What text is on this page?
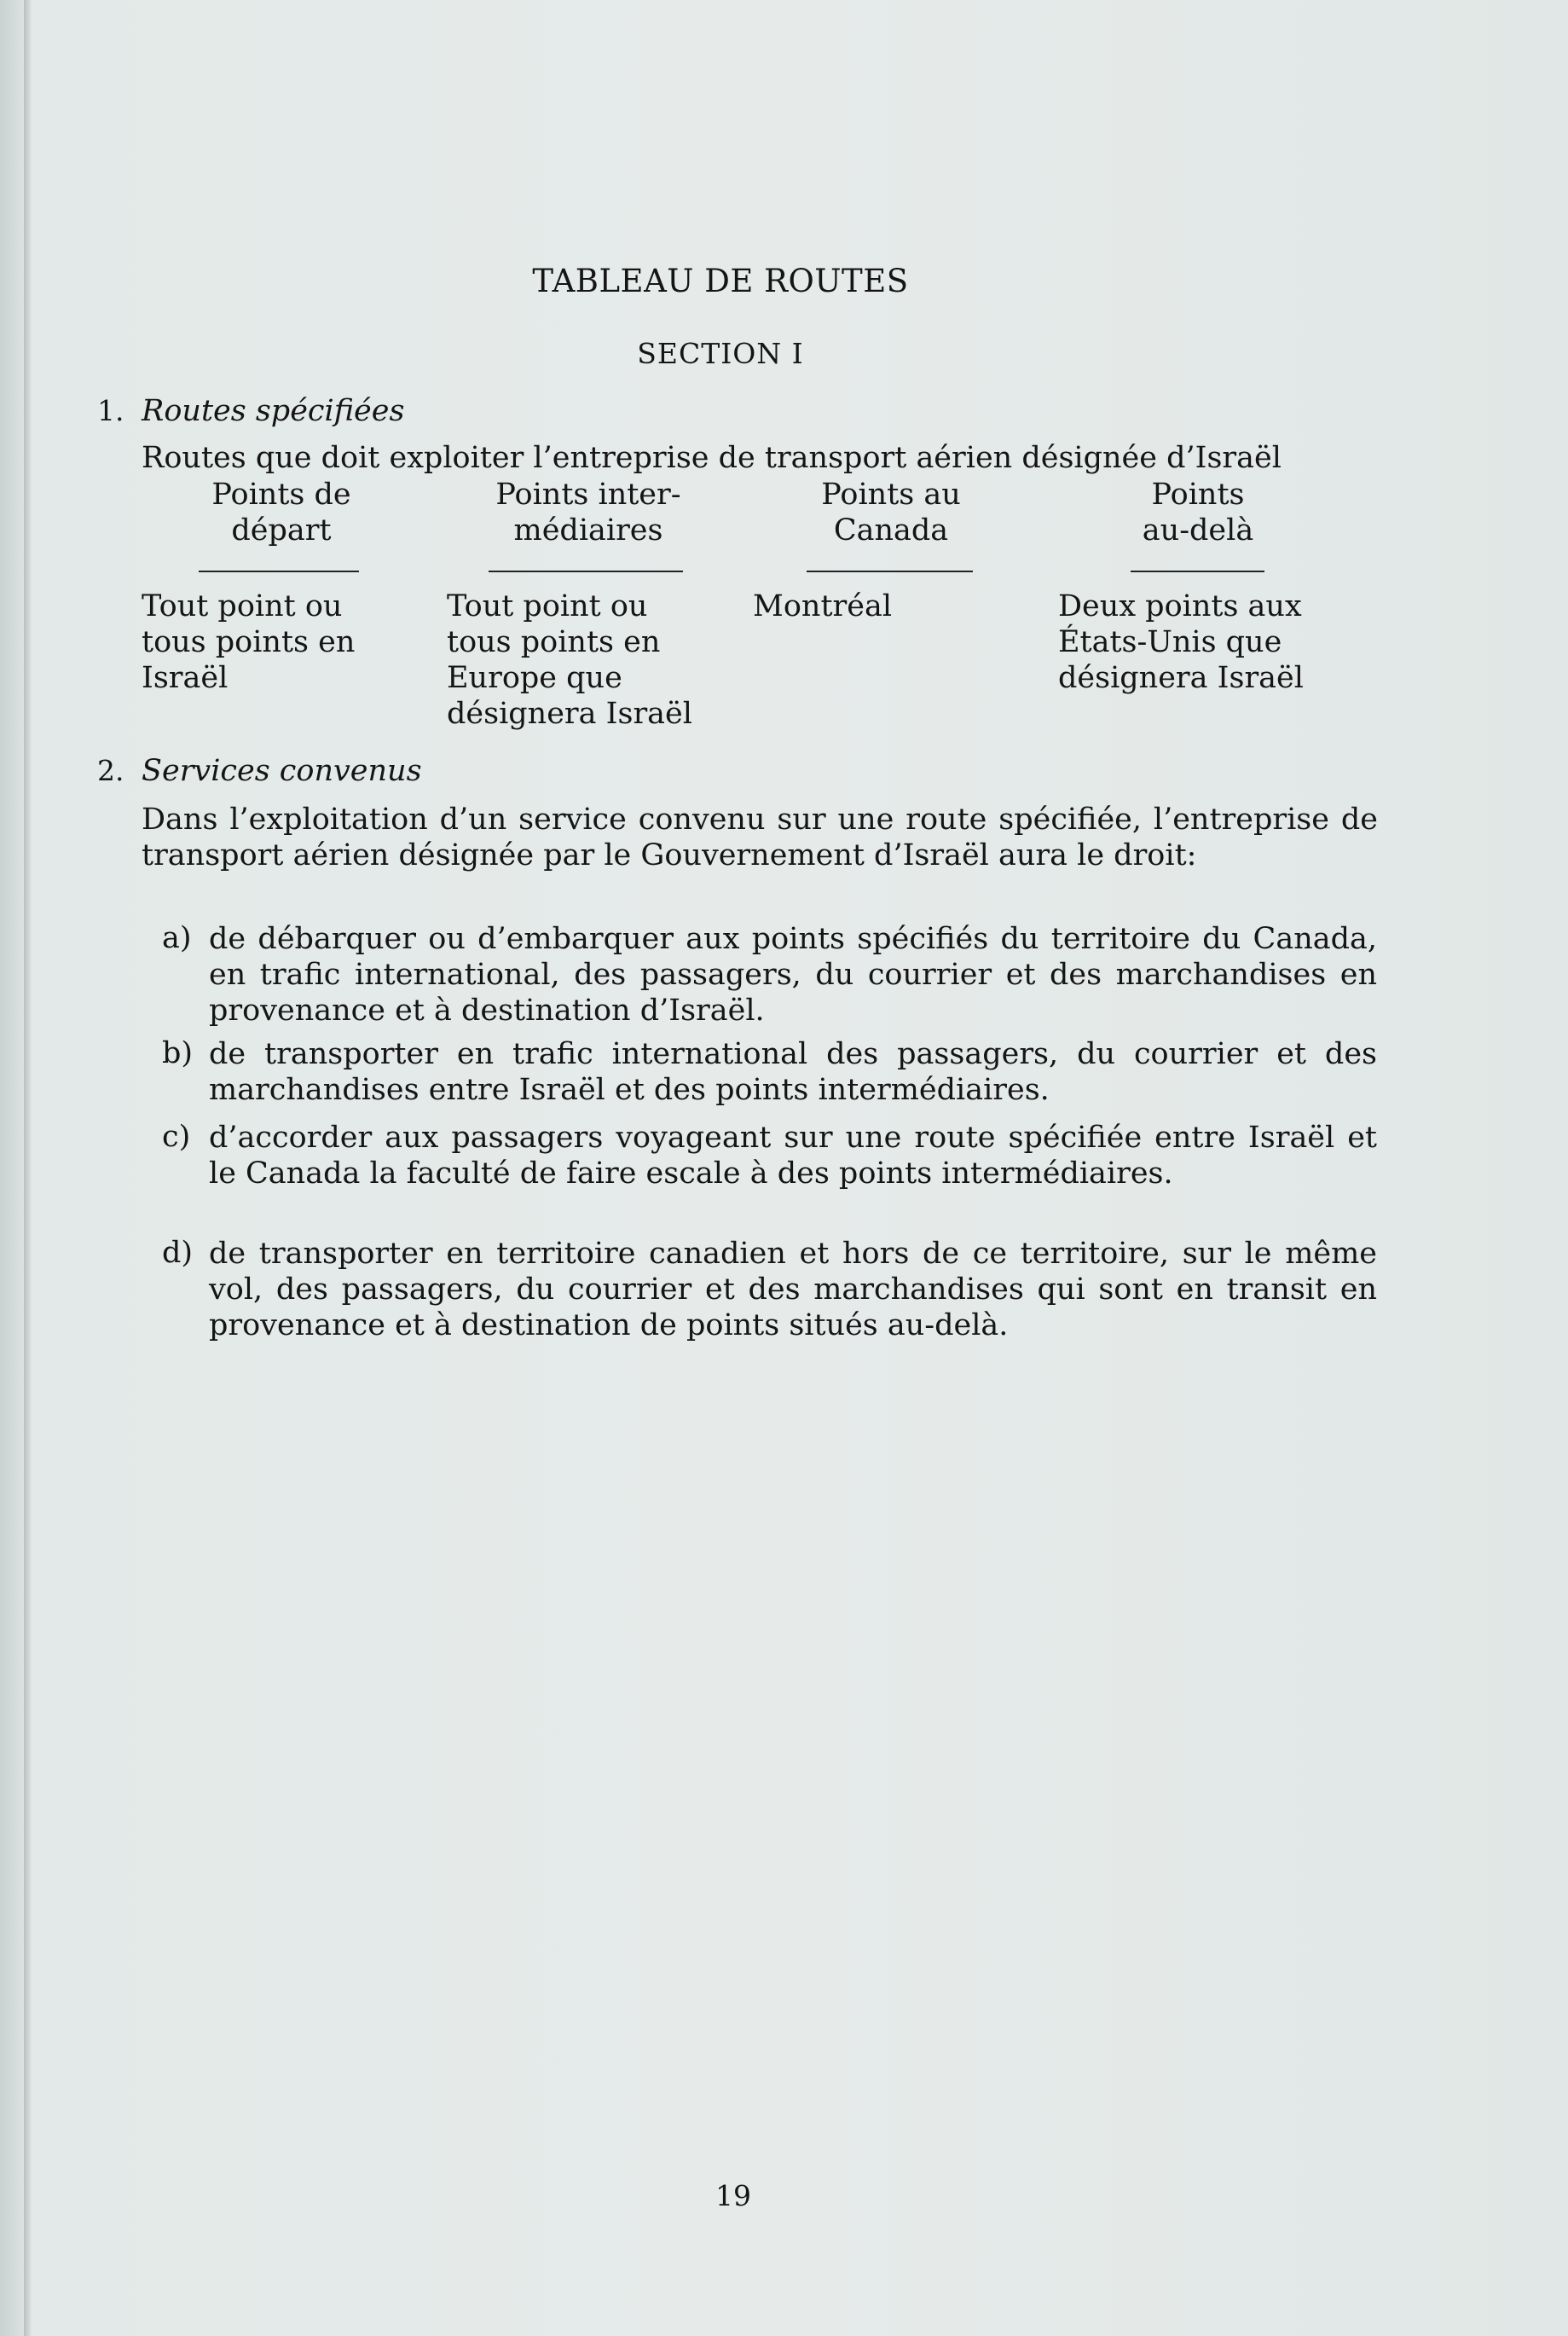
TABLEAU DE ROUTES
SECTION I
1. Routes spécifiées
Routes que doit exploiter l’entreprise de transport aérien désignée d’Israël
Points de
départ
Points inter-
médiaires
Points au
Canada
Points
au-delà
Tout point ou
tous points en
Israël
Tout point ou
tous points en
Europe que
désignera Israël
Montréal	Deux points aux
États-Unis que
désignera Israël
2. Services convenus
Dans l’exploitation d’un service convenu sur une route spécifiée, l’entreprise de transport aérien désignée par le Gouvernement d’Israël aura le droit:
a) de débarquer ou d’embarquer aux points spécifiés du territoire du Canada, en trafic international, des passagers, du courrier et des marchandises en provenance et à destination d’Israël.
b) de transporter en trafic international des passagers, du courrier et des marchandises entre Israël et des points intermédiaires.
c) d’accorder aux passagers voyageant sur une route spécifiée entre Israël et le Canada la faculté de faire escale à des points intermédiaires.
d) de transporter en territoire canadien et hors de ce territoire, sur le même vol, des passagers, du courrier et des marchandises qui sont en transit en provenance et à destination de points situés au-delà.
19
